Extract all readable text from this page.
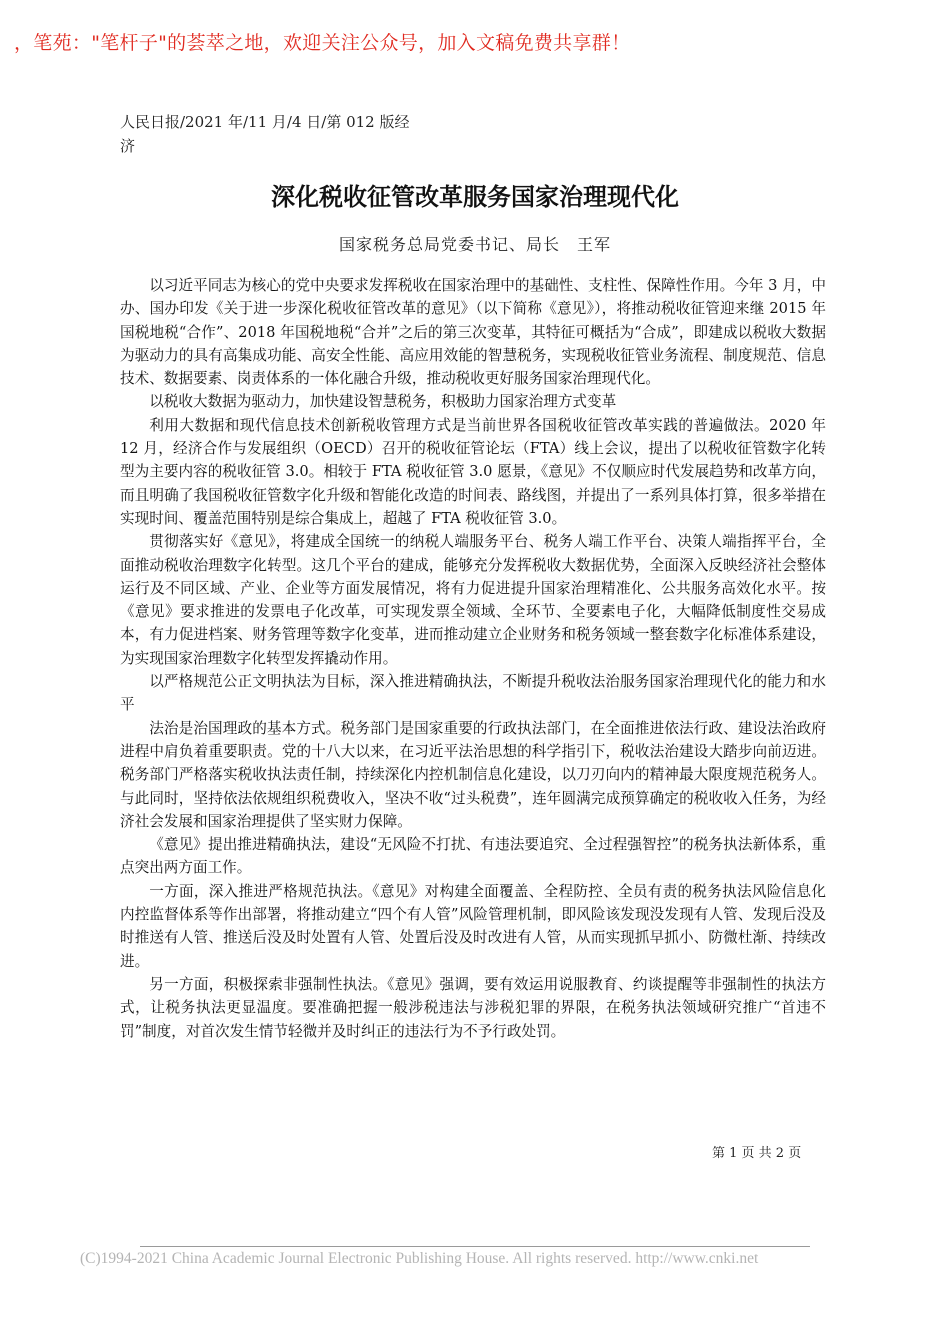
，笔苑："笔杆子"的荟萃之地，欢迎关注公众号，加入文稿免费共享群！
人民日报/2021 年/11 月/4 日/第 012 版经济
深化税收征管改革服务国家治理现代化
国家税务总局党委书记、局长　王军

以习近平同志为核心的党中央要求发挥税收在国家治理中的基础性、支柱性、保障性作用。今年 3 月，中办、国办印发《关于进一步深化税收征管改革的意见》（以下简称《意见》），将推动税收征管迎来继 2015 年国税地税“合作”、2018 年国税地税“合并”之后的第三次变革，其特征可概括为“合成”，即建成以税收大数据为驱动力的具有高集成功能、高安全性能、高应用效能的智慧税务，实现税收征管业务流程、制度规范、信息技术、数据要素、岗责体系的一体化融合升级，推动税收更好服务国家治理现代化。

以税收大数据为驱动力，加快建设智慧税务，积极助力国家治理方式变革

利用大数据和现代信息技术创新税收管理方式是当前世界各国税收征管改革实践的普遍做法。2020 年 12 月，经济合作与发展组织（OECD）召开的税收征管论坛（FTA）线上会议，提出了以税收征管数字化转型为主要内容的税收征管 3.0。相较于 FTA 税收征管 3.0 愿景，《意见》不仅顺应时代发展趋势和改革方向，而且明确了我国税收征管数字化升级和智能化改造的时间表、路线图，并提出了一系列具体打算，很多举措在实现时间、覆盖范围特别是综合集成上，超越了 FTA 税收征管 3.0。

贯彻落实好《意见》，将建成全国统一的纳税人端服务平台、税务人端工作平台、决策人端指挥平台，全面推动税收治理数字化转型。这几个平台的建成，能够充分发挥税收大数据优势，全面深入反映经济社会整体运行及不同区域、产业、企业等方面发展情况，将有力促进提升国家治理精准化、公共服务高效化水平。按《意见》要求推进的发票电子化改革，可实现发票全领域、全环节、全要素电子化，大幅降低制度性交易成本，有力促进档案、财务管理等数字化变革，进而推动建立企业财务和税务领域一整套数字化标准体系建设，为实现国家治理数字化转型发挥撬动作用。

以严格规范公正文明执法为目标，深入推进精确执法，不断提升税收法治服务国家治理现代化的能力和水平

法治是治国理政的基本方式。税务部门是国家重要的行政执法部门，在全面推进依法行政、建设法治政府进程中肩负着重要职责。党的十八大以来，在习近平法治思想的科学指引下，税收法治建设大踏步向前迈进。税务部门严格落实税收执法责任制，持续深化内控机制信息化建设，以刀刃向内的精神最大限度规范税务人。与此同时，坚持依法依规组织税费收入，坚决不收“过头税费”，连年圆满完成预算确定的税收收入任务，为经济社会发展和国家治理提供了坚实财力保障。

《意见》提出推进精确执法，建设“无风险不打扰、有违法要追究、全过程强智控”的税务执法新体系，重点突出两方面工作。

一方面，深入推进严格规范执法。《意见》对构建全面覆盖、全程防控、全员有责的税务执法风险信息化内控监督体系等作出部署，将推动建立“四个有人管”风险管理机制，即风险该发现没发现有人管、发现后没及时推送有人管、推送后没及时处置有人管、处置后没及时改进有人管，从而实现抓早抓小、防微杜渐、持续改进。

另一方面，积极探索非强制性执法。《意见》强调，要有效运用说服教育、约谈提醒等非强制性的执法方式，让税务执法更显温度。要准确把握一般涉税违法与涉税犯罪的界限，在税务执法领域研究推广“首违不罚”制度，对首次发生情节轻微并及时纠正的违法行为不予行政处罚。

第 1 页 共 2 页
(C)1994-2021 China Academic Journal Electronic Publishing House. All rights reserved. http://www.cnki.net
